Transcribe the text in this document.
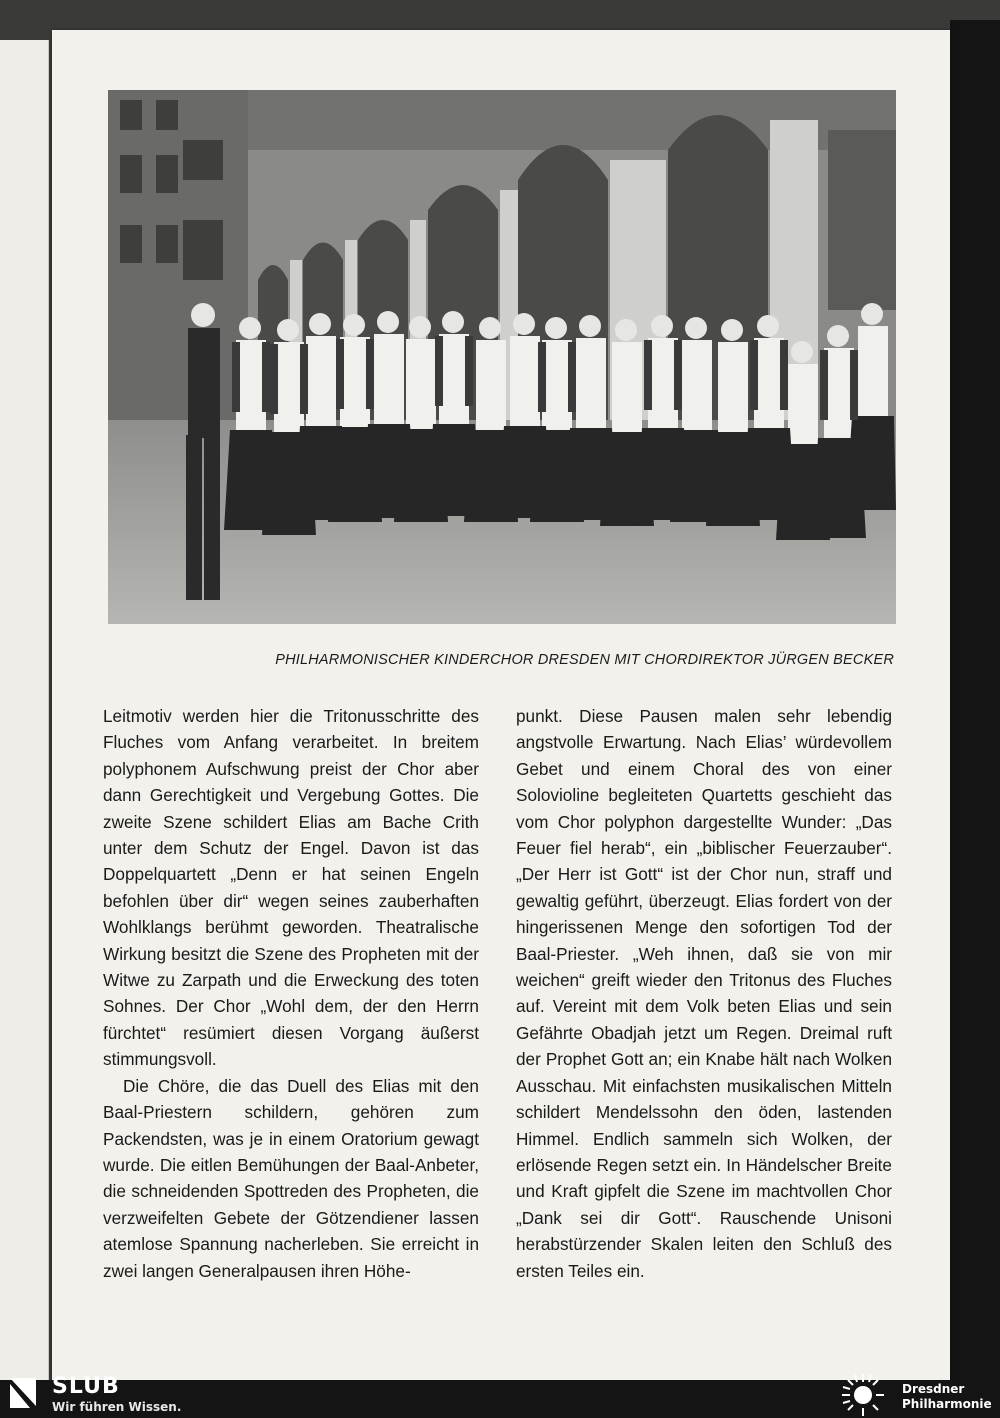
PHILHARMONISCHER KINDERCHOR DRESDEN MIT CHORDIREKTOR JÜRGEN BECKER

Leitmotiv werden hier die Tritonusschritte des Fluches vom Anfang verarbeitet. In breitem polyphonem Aufschwung preist der Chor aber dann Gerechtigkeit und Vergebung Gottes. Die zweite Szene schildert Elias am Bache Crith unter dem Schutz der Engel. Davon ist das Doppelquartett „Denn er hat seinen Engeln befohlen über dir“ wegen seines zauberhaften Wohlklangs berühmt geworden. Theatralische Wirkung besitzt die Szene des Propheten mit der Witwe zu Zarpath und die Erweckung des toten Sohnes. Der Chor „Wohl dem, der den Herrn fürchtet“ resümiert diesen Vorgang äußerst stimmungsvoll.

Die Chöre, die das Duell des Elias mit den Baal-Priestern schildern, gehören zum Packendsten, was je in einem Oratorium gewagt wurde. Die eitlen Bemühungen der Baal-Anbeter, die schneidenden Spottreden des Propheten, die verzweifelten Gebete der Götzendiener lassen atemlose Spannung nacherleben. Sie erreicht in zwei langen Generalpausen ihren Höhe-

punkt. Diese Pausen malen sehr lebendig angstvolle Erwartung. Nach Elias’ würdevollem Gebet und einem Choral des von einer Solovioline begleiteten Quartetts geschieht das vom Chor polyphon dargestellte Wunder: „Das Feuer fiel herab“, ein „biblischer Feuerzauber“. „Der Herr ist Gott“ ist der Chor nun, straff und gewaltig geführt, überzeugt. Elias fordert von der hingerissenen Menge den sofortigen Tod der Baal-Priester. „Weh ihnen, daß sie von mir weichen“ greift wieder den Tritonus des Fluches auf. Vereint mit dem Volk beten Elias und sein Gefährte Obadjah jetzt um Regen. Dreimal ruft der Prophet Gott an; ein Knabe hält nach Wolken Ausschau. Mit einfachsten musikalischen Mitteln schildert Mendelssohn den öden, lastenden Himmel. Endlich sammeln sich Wolken, der erlösende Regen setzt ein. In Händelscher Breite und Kraft gipfelt die Szene im machtvollen Chor „Dank sei dir Gott“. Rauschende Unisoni herabstürzender Skalen leiten den Schluß des ersten Teiles ein.

SLUB
Wir führen Wissen.
Dresdner
Philharmonie
